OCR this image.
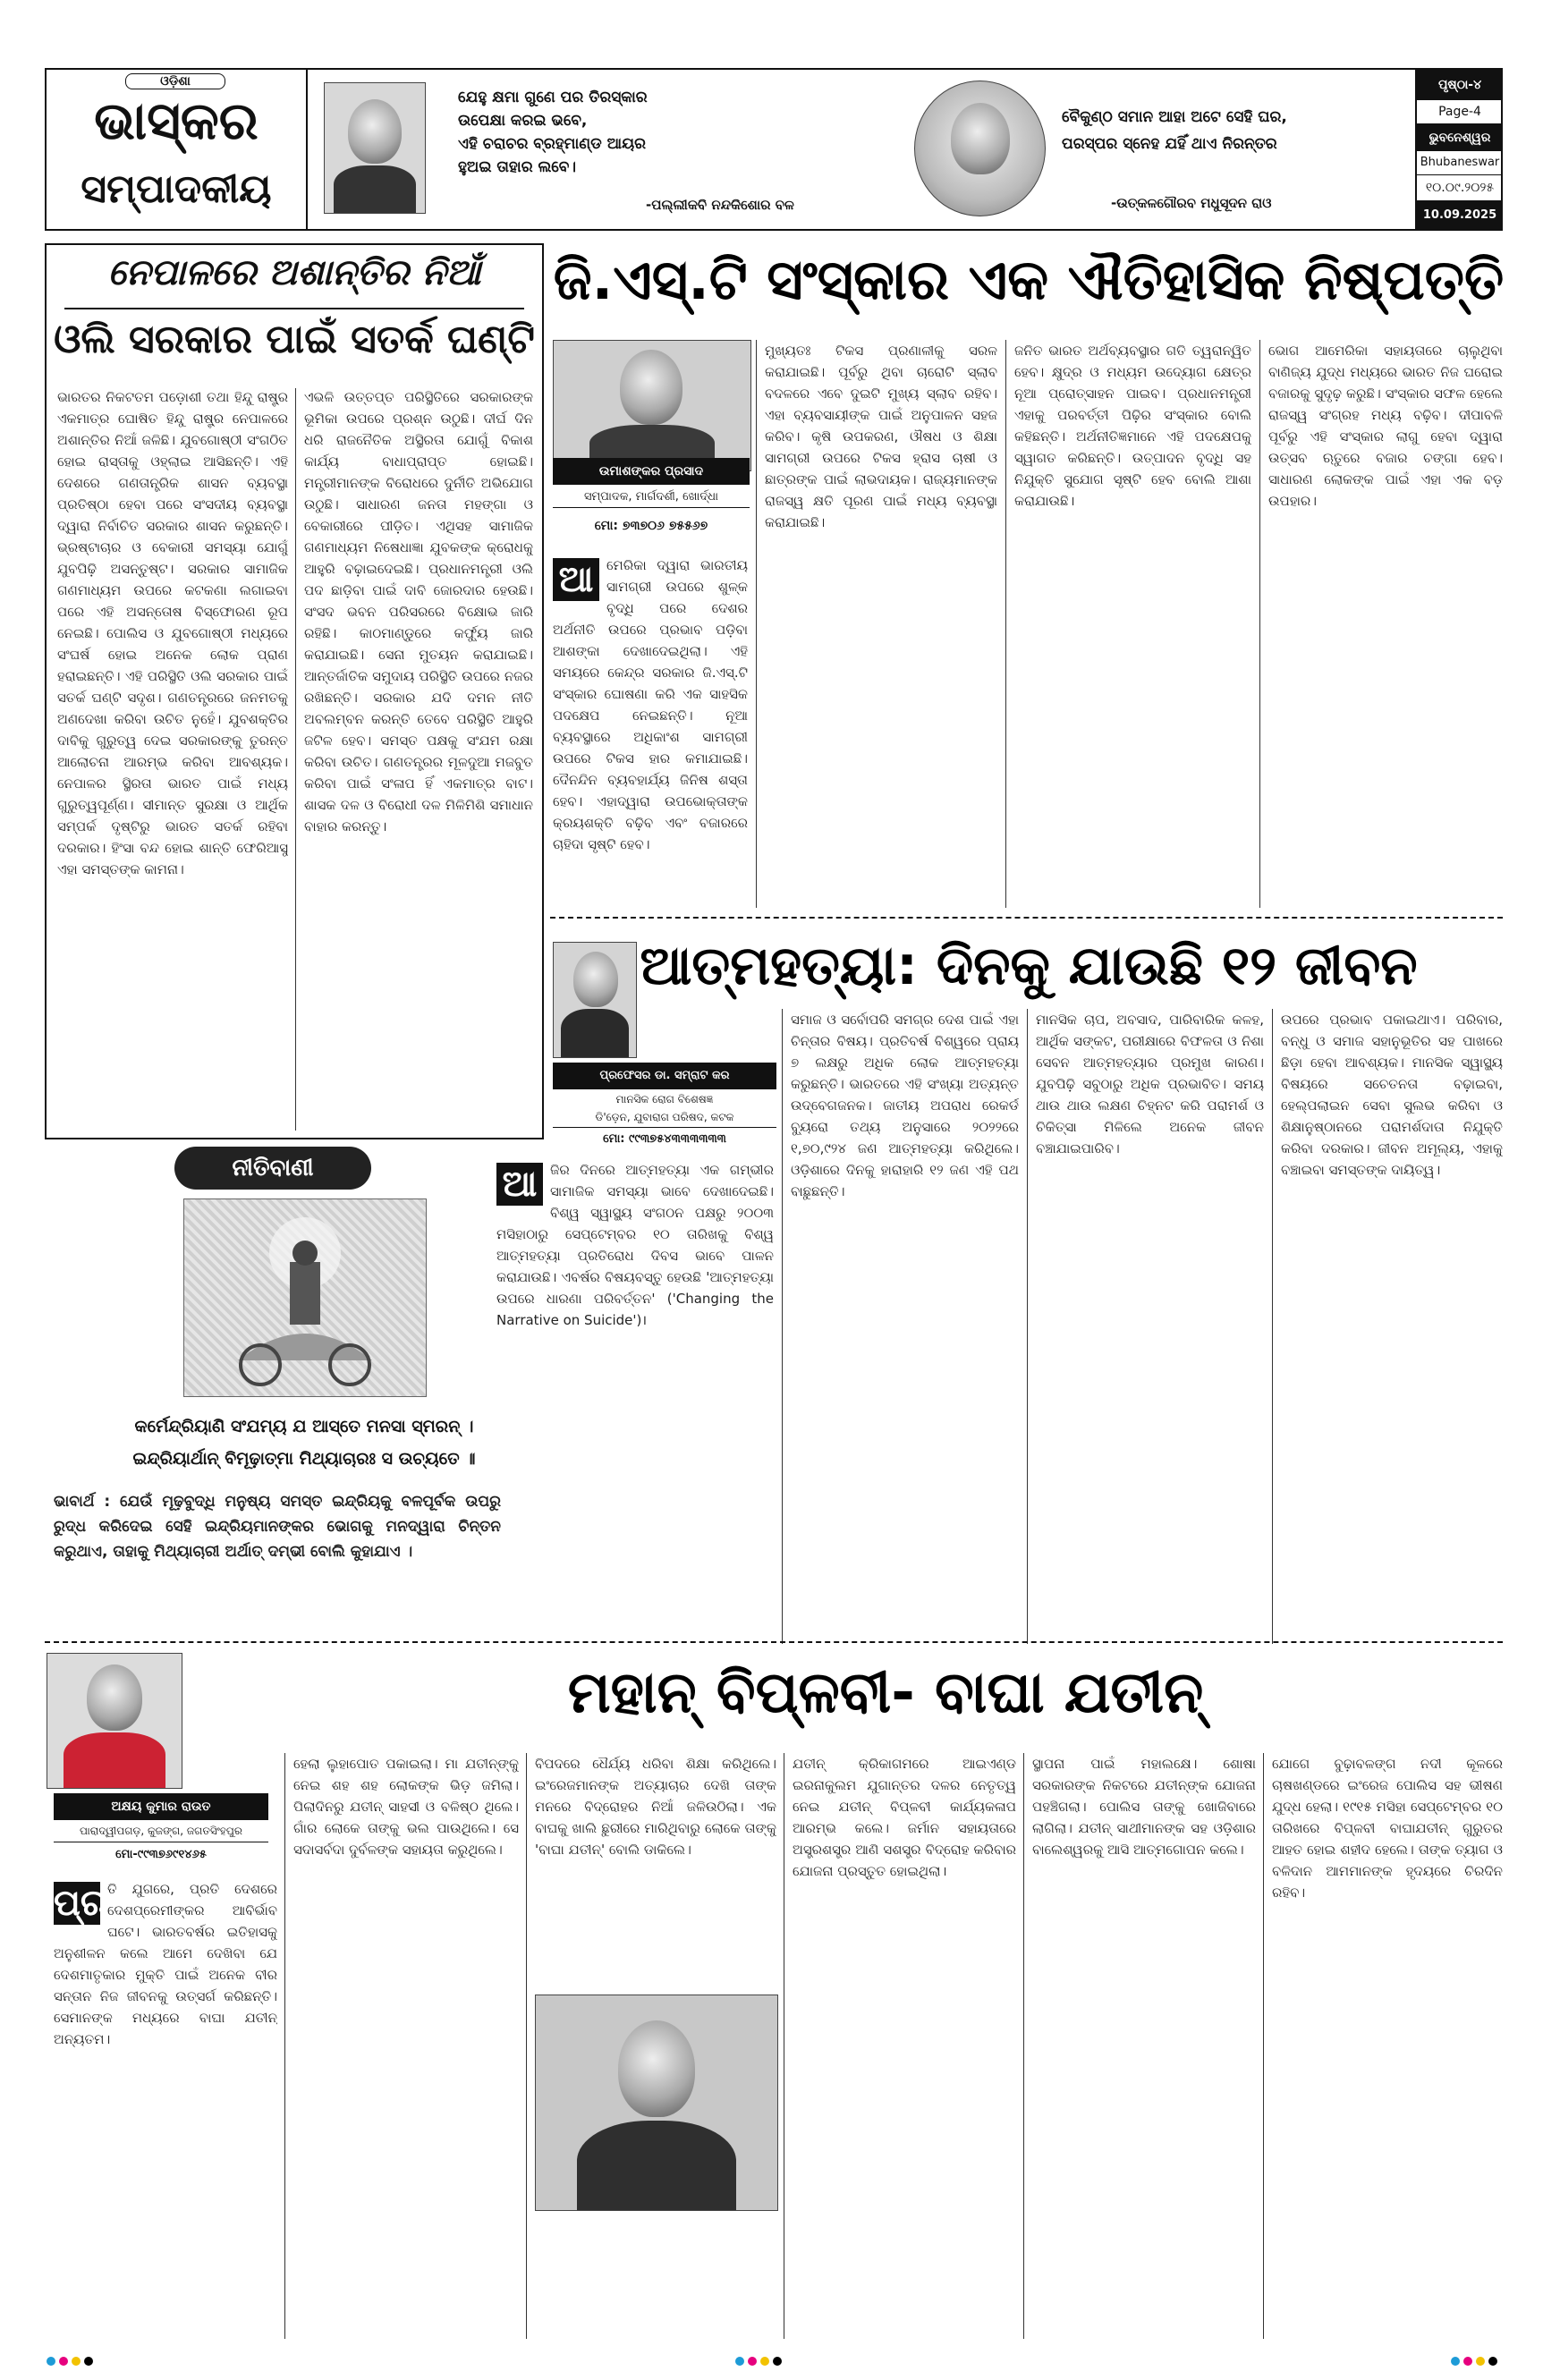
ଓଡ଼ିଶା
ଭାସ୍କର
ସମ୍ପାଦକୀୟ
ଯେହୁ କ୍ଷମା ଗୁଣେ ପର ତିରସ୍କାର
ଉପେକ୍ଷା କରଇ ଭବେ,
ଏହି ଚରାଚର ବ୍ରହ୍ମାଣ୍ଡ ଆୟର
ହୁଅଇ ତାହାର ଲବେ।
-ପଲ୍ଲୀକବି ନନ୍ଦକିଶୋର ବଳ
ବୈକୁଣ୍ଠ ସମାନ ଆହା ଅଟେ ସେହି ଘର,
ପରସ୍ପର ସ୍ନେହ ଯହିଁ ଥାଏ ନିରନ୍ତର
-ଉତ୍କଳଗୌରବ ମଧୁସୂଦନ ରାଓ
ପୃଷ୍ଠା-୪
Page-4
ଭୁବନେଶ୍ୱର
Bhubaneswar
୧୦.୦୯.୨୦୨୫
10.09.2025
ନେପାଳରେ ଅଶାନ୍ତିର ନିଆଁ
ଓଲି ସରକାର ପାଇଁ ସତର୍କ ଘଣ୍ଟି
ଭାରତର ନିକଟତମ ପଡ଼ୋଶୀ ତଥା ହିନ୍ଦୁ ରାଷ୍ଟ୍ର ଏକମାତ୍ର ଘୋଷିତ ହିନ୍ଦୁ ରାଷ୍ଟ୍ର ନେପାଳରେ ଅଶାନ୍ତିର ନିଆଁ ଜଳିଛି। ଯୁବଗୋଷ୍ଠୀ ସଂଗଠିତ ହୋଇ ରାସ୍ତାକୁ ଓହ୍ଲାଇ ଆସିଛନ୍ତି। ଏହି ଦେଶରେ ଗଣତାନ୍ତ୍ରିକ ଶାସନ ବ୍ୟବସ୍ଥା ପ୍ରତିଷ୍ଠା ହେବା ପରେ ସଂସଦୀୟ ବ୍ୟବସ୍ଥା ଦ୍ୱାରା ନିର୍ବାଚିତ ସରକାର ଶାସନ କରୁଛନ୍ତି। ଭ୍ରଷ୍ଟାଚାର ଓ ବେକାରୀ ସମସ୍ୟା ଯୋଗୁଁ ଯୁବପିଢ଼ି ଅସନ୍ତୁଷ୍ଟ। ସରକାର ସାମାଜିକ ଗଣମାଧ୍ୟମ ଉପରେ କଟକଣା ଲଗାଇବା ପରେ ଏହି ଅସନ୍ତୋଷ ବିସ୍ଫୋରଣ ରୂପ ନେଇଛି। ପୋଲିସ ଓ ଯୁବଗୋଷ୍ଠୀ ମଧ୍ୟରେ ସଂଘର୍ଷ ହୋଇ ଅନେକ ଲୋକ ପ୍ରାଣ ହରାଇଛନ୍ତି। ଏହି ପରିସ୍ଥିତି ଓଲି ସରକାର ପାଇଁ ସତର୍କ ଘଣ୍ଟି ସଦୃଶ। ଗଣତନ୍ତ୍ରରେ ଜନମତକୁ ଅଣଦେଖା କରିବା ଉଚିତ ନୁହେଁ। ଯୁବଶକ୍ତିର ଦାବିକୁ ଗୁରୁତ୍ୱ ଦେଇ ସରକାରଙ୍କୁ ତୁରନ୍ତ ଆଲୋଚନା ଆରମ୍ଭ କରିବା ଆବଶ୍ୟକ। ନେପାଳର ସ୍ଥିରତା ଭାରତ ପାଇଁ ମଧ୍ୟ ଗୁରୁତ୍ୱପୂର୍ଣ୍ଣ। ସୀମାନ୍ତ ସୁରକ୍ଷା ଓ ଆର୍ଥିକ ସମ୍ପର୍କ ଦୃଷ୍ଟିରୁ ଭାରତ ସତର୍କ ରହିବା ଦରକାର। ହିଂସା ବନ୍ଦ ହୋଇ ଶାନ୍ତି ଫେରିଆସୁ ଏହା ସମସ୍ତଙ୍କ କାମନା।
ଏଭଳି ଉତ୍ତପ୍ତ ପରିସ୍ଥିତିରେ ସରକାରଙ୍କ ଭୂମିକା ଉପରେ ପ୍ରଶ୍ନ ଉଠୁଛି। ଦୀର୍ଘ ଦିନ ଧରି ରାଜନୈତିକ ଅସ୍ଥିରତା ଯୋଗୁଁ ବିକାଶ କାର୍ଯ୍ୟ ବାଧାପ୍ରାପ୍ତ ହୋଇଛି। ମନ୍ତ୍ରୀମାନଙ୍କ ବିରୋଧରେ ଦୁର୍ନୀତି ଅଭିଯୋଗ ଉଠୁଛି। ସାଧାରଣ ଜନତା ମହଙ୍ଗା ଓ ବେକାରୀରେ ପୀଡ଼ିତ। ଏଥିସହ ସାମାଜିକ ଗଣମାଧ୍ୟମ ନିଷେଧାଜ୍ଞା ଯୁବକଙ୍କ କ୍ରୋଧକୁ ଆହୁରି ବଢ଼ାଇଦେଇଛି। ପ୍ରଧାନମନ୍ତ୍ରୀ ଓଲି ପଦ ଛାଡ଼ିବା ପାଇଁ ଦାବି ଜୋରଦାର ହେଉଛି। ସଂସଦ ଭବନ ପରିସରରେ ବିକ୍ଷୋଭ ଜାରି ରହିଛି। କାଠମାଣ୍ଡୁରେ କର୍ଫ୍ୟୁ ଜାରି କରାଯାଇଛି। ସେନା ମୁତୟନ କରାଯାଇଛି। ଆନ୍ତର୍ଜାତିକ ସମୁଦାୟ ପରିସ୍ଥିତି ଉପରେ ନଜର ରଖିଛନ୍ତି। ସରକାର ଯଦି ଦମନ ନୀତି ଅବଲମ୍ବନ କରନ୍ତି ତେବେ ପରିସ୍ଥିତି ଆହୁରି ଜଟିଳ ହେବ। ସମସ୍ତ ପକ୍ଷକୁ ସଂଯମ ରକ୍ଷା କରିବା ଉଚିତ। ଗଣତନ୍ତ୍ରର ମୂଳଦୁଆ ମଜବୁତ କରିବା ପାଇଁ ସଂଳାପ ହିଁ ଏକମାତ୍ର ବାଟ। ଶାସକ ଦଳ ଓ ବିରୋଧୀ ଦଳ ମିଳିମିଶି ସମାଧାନ ବାହାର କରନ୍ତୁ।
ଜି.ଏସ୍.ଟି ସଂସ୍କାର ଏକ ଐତିହାସିକ ନିଷ୍ପତ୍ତି
ଉମାଶଙ୍କର ପ୍ରସାଦ
ସମ୍ପାଦକ, ମାର୍ଗଦର୍ଶୀ, ଖୋର୍ଦ୍ଧା
ମୋ: ୭୩୭୦୬ ୭୫୫୬୭
ଆ ମେରିକା ଦ୍ୱାରା ଭାରତୀୟ ସାମଗ୍ରୀ ଉପରେ ଶୁଳ୍କ ବୃଦ୍ଧି ପରେ ଦେଶର ଅର୍ଥନୀତି ଉପରେ ପ୍ରଭାବ ପଡ଼ିବା ଆଶଙ୍କା ଦେଖାଦେଇଥିଲା। ଏହି ସମୟରେ କେନ୍ଦ୍ର ସରକାର ଜି.ଏସ୍.ଟି ସଂସ୍କାର ଘୋଷଣା କରି ଏକ ସାହସିକ ପଦକ୍ଷେପ ନେଇଛନ୍ତି। ନୂଆ ବ୍ୟବସ୍ଥାରେ ଅଧିକାଂଶ ସାମଗ୍ରୀ ଉପରେ ଟିକସ ହାର କମାଯାଇଛି। ଦୈନନ୍ଦିନ ବ୍ୟବହାର୍ଯ୍ୟ ଜିନିଷ ଶସ୍ତା ହେବ। ଏହାଦ୍ୱାରା ଉପଭୋକ୍ତାଙ୍କ କ୍ରୟଶକ୍ତି ବଢ଼ିବ ଏବଂ ବଜାରରେ ଚାହିଦା ସୃଷ୍ଟି ହେବ।
ମୁଖ୍ୟତଃ ଟିକସ ପ୍ରଣାଳୀକୁ ସରଳ କରାଯାଇଛି। ପୂର୍ବରୁ ଥିବା ଚାରୋଟି ସ୍ଲାବ ବଦଳରେ ଏବେ ଦୁଇଟି ମୁଖ୍ୟ ସ୍ଲାବ ରହିବ। ଏହା ବ୍ୟବସାୟୀଙ୍କ ପାଇଁ ଅନୁପାଳନ ସହଜ କରିବ। କୃଷି ଉପକରଣ, ଔଷଧ ଓ ଶିକ୍ଷା ସାମଗ୍ରୀ ଉପରେ ଟିକସ ହ୍ରାସ ଚାଷୀ ଓ ଛାତ୍ରଙ୍କ ପାଇଁ ଲାଭଦାୟକ। ରାଜ୍ୟମାନଙ୍କ ରାଜସ୍ୱ କ୍ଷତି ପୂରଣ ପାଇଁ ମଧ୍ୟ ବ୍ୟବସ୍ଥା କରାଯାଇଛି।
ଜନିତ ଭାରତ ଅର୍ଥବ୍ୟବସ୍ଥାର ଗତି ତ୍ୱରାନ୍ୱିତ ହେବ। କ୍ଷୁଦ୍ର ଓ ମଧ୍ୟମ ଉଦ୍ୟୋଗ କ୍ଷେତ୍ର ନୂଆ ପ୍ରୋତ୍ସାହନ ପାଇବ। ପ୍ରଧାନମନ୍ତ୍ରୀ ଏହାକୁ ପରବର୍ତ୍ତୀ ପିଢ଼ିର ସଂସ୍କାର ବୋଲି କହିଛନ୍ତି। ଅର୍ଥନୀତିଜ୍ଞମାନେ ଏହି ପଦକ୍ଷେପକୁ ସ୍ୱାଗତ କରିଛନ୍ତି। ଉତ୍ପାଦନ ବୃଦ୍ଧି ସହ ନିଯୁକ୍ତି ସୁଯୋଗ ସୃଷ୍ଟି ହେବ ବୋଲି ଆଶା କରାଯାଉଛି।
ଭୋଗ ଆମେରିକା ସହାୟତାରେ ଚାଲୁଥିବା ବାଣିଜ୍ୟ ଯୁଦ୍ଧ ମଧ୍ୟରେ ଭାରତ ନିଜ ଘରୋଇ ବଜାରକୁ ସୁଦୃଢ଼ କରୁଛି। ସଂସ୍କାର ସଫଳ ହେଲେ ରାଜସ୍ୱ ସଂଗ୍ରହ ମଧ୍ୟ ବଢ଼ିବ। ଦୀପାବଳି ପୂର୍ବରୁ ଏହି ସଂସ୍କାର ଲାଗୁ ହେବା ଦ୍ୱାରା ଉତ୍ସବ ଋତୁରେ ବଜାର ଚଙ୍ଗା ହେବ। ସାଧାରଣ ଲୋକଙ୍କ ପାଇଁ ଏହା ଏକ ବଡ଼ ଉପହାର।
ଆତ୍ମହତ୍ୟା: ଦିନକୁ ଯାଉଛି ୧୨ ଜୀବନ
ପ୍ରଫେସର ଡା. ସମ୍ରାଟ କର
ମାନସିକ ରୋଗ ବିଶେଷଜ୍ଞ
ଡି'ଡ଼େନ, ଯୁବାରାଗ ପରିଷଦ, କଟକ
ମୋ: ୯୯୩୭୫୪୩୩୩୩୩୩
ଆ ଜିର ଦିନରେ ଆତ୍ମହତ୍ୟା ଏକ ଗମ୍ଭୀର ସାମାଜିକ ସମସ୍ୟା ଭାବେ ଦେଖାଦେଇଛି। ବିଶ୍ୱ ସ୍ୱାସ୍ଥ୍ୟ ସଂଗଠନ ପକ୍ଷରୁ ୨୦୦୩ ମସିହାଠାରୁ ସେପ୍ଟେମ୍ବର ୧୦ ତାରିଖକୁ ବିଶ୍ୱ ଆତ୍ମହତ୍ୟା ପ୍ରତିରୋଧ ଦିବସ ଭାବେ ପାଳନ କରାଯାଉଛି। ଏବର୍ଷର ବିଷୟବସ୍ତୁ ହେଉଛି 'ଆତ୍ମହତ୍ୟା ଉପରେ ଧାରଣା ପରିବର୍ତ୍ତନ' ('Changing the Narrative on Suicide')।
ସମାଜ ଓ ସର୍ବୋପରି ସମଗ୍ର ଦେଶ ପାଇଁ ଏହା ଚିନ୍ତାର ବିଷୟ। ପ୍ରତିବର୍ଷ ବିଶ୍ୱରେ ପ୍ରାୟ ୭ ଲକ୍ଷରୁ ଅଧିକ ଲୋକ ଆତ୍ମହତ୍ୟା କରୁଛନ୍ତି। ଭାରତରେ ଏହି ସଂଖ୍ୟା ଅତ୍ୟନ୍ତ ଉଦ୍ବେଗଜନକ। ଜାତୀୟ ଅପରାଧ ରେକର୍ଡ ବ୍ୟୁରୋ ତଥ୍ୟ ଅନୁସାରେ ୨୦୨୨ରେ ୧,୭୦,୯୨୪ ଜଣ ଆତ୍ମହତ୍ୟା କରିଥିଲେ। ଓଡ଼ିଶାରେ ଦିନକୁ ହାରାହାରି ୧୨ ଜଣ ଏହି ପଥ ବାଛୁଛନ୍ତି।
ମାନସିକ ଚାପ, ଅବସାଦ, ପାରିବାରିକ କଳହ, ଆର୍ଥିକ ସଙ୍କଟ, ପରୀକ୍ଷାରେ ବିଫଳତା ଓ ନିଶା ସେବନ ଆତ୍ମହତ୍ୟାର ପ୍ରମୁଖ କାରଣ। ଯୁବପିଢ଼ି ସବୁଠାରୁ ଅଧିକ ପ୍ରଭାବିତ। ସମୟ ଥାଉ ଥାଉ ଲକ୍ଷଣ ଚିହ୍ନଟ କରି ପରାମର୍ଶ ଓ ଚିକିତ୍ସା ମିଳିଲେ ଅନେକ ଜୀବନ ବଞ୍ଚାଯାଇପାରିବ।
ଉପରେ ପ୍ରଭାବ ପକାଇଥାଏ। ପରିବାର, ବନ୍ଧୁ ଓ ସମାଜ ସହାନୁଭୂତିର ସହ ପାଖରେ ଛିଡ଼ା ହେବା ଆବଶ୍ୟକ। ମାନସିକ ସ୍ୱାସ୍ଥ୍ୟ ବିଷୟରେ ସଚେତନତା ବଢ଼ାଇବା, ହେଲ୍ପଲାଇନ ସେବା ସୁଲଭ କରିବା ଓ ଶିକ୍ଷାନୁଷ୍ଠାନରେ ପରାମର୍ଶଦାତା ନିଯୁକ୍ତି କରିବା ଦରକାର। ଜୀବନ ଅମୂଲ୍ୟ, ଏହାକୁ ବଞ୍ଚାଇବା ସମସ୍ତଙ୍କ ଦାୟିତ୍ୱ।
ନୀତିବାଣୀ
କର୍ମେନ୍ଦ୍ରିୟାଣି ସଂଯମ୍ୟ ଯ ଆସ୍ତେ ମନସା ସ୍ମରନ୍ ।
ଇନ୍ଦ୍ରିୟାର୍ଥାନ୍ ବିମୂଢ଼ାତ୍ମା ମିଥ୍ୟାଚାରଃ ସ ଉଚ୍ୟତେ ॥
ଭାବାର୍ଥ : ଯେଉଁ ମୂଢ଼ବୁଦ୍ଧି ମନୁଷ୍ୟ ସମସ୍ତ ଇନ୍ଦ୍ରିୟକୁ ବଳପୂର୍ବକ ଉପରୁ ରୁଦ୍ଧ କରିଦେଇ ସେହି ଇନ୍ଦ୍ରିୟମାନଙ୍କର ଭୋଗକୁ ମନଦ୍ୱାରା ଚିନ୍ତନ କରୁଥାଏ, ତାହାକୁ ମିଥ୍ୟାଚାରୀ ଅର୍ଥାତ୍ ଦମ୍ଭୀ ବୋଲି କୁହାଯାଏ ।
ମହାନ୍ ବିପ୍ଳବୀ- ବାଘା ଯତୀନ୍
ଅକ୍ଷୟ କୁମାର ରାଉତ
ପାରାଦ୍ୱୀପଗଡ଼, କୁଜଙ୍ଗ, ଜଗତସିଂହପୁର
ମୋ-୯୯୩୭୬୯୧୪୬୫
ପ୍ର ତି ଯୁଗରେ, ପ୍ରତି ଦେଶରେ ଦେଶପ୍ରେମୀଙ୍କର ଆବିର୍ଭାବ ଘଟେ। ଭାରତବର୍ଷର ଇତିହାସକୁ ଅନୁଶୀଳନ କଲେ ଆମେ ଦେଖିବା ଯେ ଦେଶମାତୃକାର ମୁକ୍ତି ପାଇଁ ଅନେକ ବୀର ସନ୍ତାନ ନିଜ ଜୀବନକୁ ଉତ୍ସର୍ଗ କରିଛନ୍ତି। ସେମାନଙ୍କ ମଧ୍ୟରେ ବାଘା ଯତୀନ୍ ଅନ୍ୟତମ।
ହେଲା ଲୁହାପୋତ ପକାଇଲା। ମା ଯତୀନ୍ଙ୍କୁ ନେଇ ଶହ ଶହ ଲୋକଙ୍କ ଭିଡ଼ ଜମିଲା। ପିଲାଦିନରୁ ଯତୀନ୍ ସାହସୀ ଓ ବଳିଷ୍ଠ ଥିଲେ। ଗାଁର ଲୋକେ ତାଙ୍କୁ ଭଲ ପାଉଥିଲେ। ସେ ସଦାସର୍ବଦା ଦୁର୍ବଳଙ୍କ ସହାୟତା କରୁଥିଲେ।
ବିପଦରେ ଧୈର୍ଯ୍ୟ ଧରିବା ଶିକ୍ଷା କରିଥିଲେ। ଇଂରେଜମାନଙ୍କ ଅତ୍ୟାଚାର ଦେଖି ତାଙ୍କ ମନରେ ବିଦ୍ରୋହର ନିଆଁ ଜଳିଉଠିଲା। ଏକ ବାଘକୁ ଖାଲି ଛୁରୀରେ ମାରିଥିବାରୁ ଲୋକେ ତାଙ୍କୁ 'ବାଘା ଯତୀନ୍' ବୋଲି ଡାକିଲେ।
ଯତୀନ୍ କ୍ରିକାଗମରେ ଆଇଏଣ୍ଡ ଇରନାକୁଲମ ଯୁଗାନ୍ତର ଦଳର ନେତୃତ୍ୱ ନେଇ ଯତୀନ୍ ବିପ୍ଳବୀ କାର୍ଯ୍ୟକଳାପ ଆରମ୍ଭ କଲେ। ଜର୍ମାନ ସହାୟତାରେ ଅସ୍ତ୍ରଶସ୍ତ୍ର ଆଣି ସଶସ୍ତ୍ର ବିଦ୍ରୋହ କରିବାର ଯୋଜନା ପ୍ରସ୍ତୁତ ହୋଇଥିଲା।
ସ୍ଥାପନା ପାଇଁ ମହାଲକ୍ଷେ। ଶୋଷା ସରକାରଙ୍କ ନିକଟରେ ଯତୀନ୍ଙ୍କ ଯୋଜନା ପହଞ୍ଚିଗଲା। ପୋଲିସ ତାଙ୍କୁ ଖୋଜିବାରେ ଲାଗିଲା। ଯତୀନ୍ ସାଥୀମାନଙ୍କ ସହ ଓଡ଼ିଶାର ବାଲେଶ୍ୱରକୁ ଆସି ଆତ୍ମଗୋପନ କଲେ।
ଯୋଗେ ବୁଢ଼ାବଳଙ୍ଗ ନଦୀ କୂଳରେ ଚାଷଖଣ୍ଡରେ ଇଂରେଜ ପୋଲିସ ସହ ଭୀଷଣ ଯୁଦ୍ଧ ହେଲା। ୧୯୧୫ ମସିହା ସେପ୍ଟେମ୍ବର ୧୦ ତାରିଖରେ ବିପ୍ଳବୀ ବାଘାଯତୀନ୍ ଗୁରୁତର ଆହତ ହୋଇ ଶହୀଦ ହେଲେ। ତାଙ୍କ ତ୍ୟାଗ ଓ ବଳିଦାନ ଆମମାନଙ୍କ ହୃଦୟରେ ଚିରଦିନ ରହିବ।
